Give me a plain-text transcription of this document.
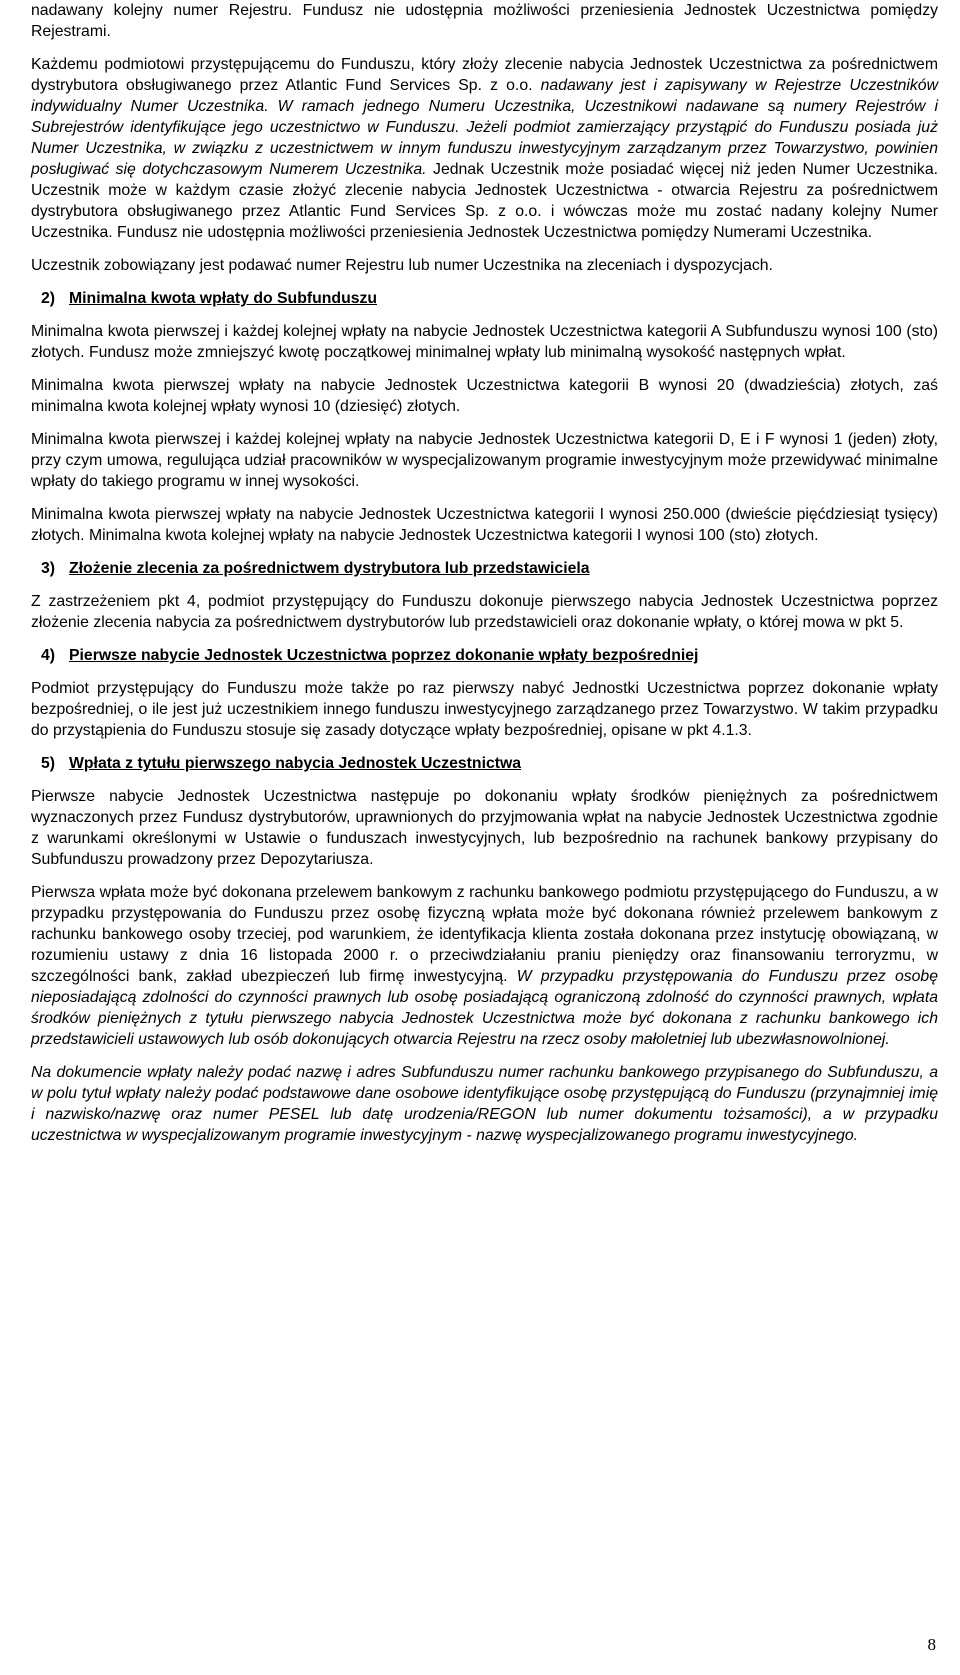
nadawany kolejny numer Rejestru. Fundusz nie udostępnia możliwości przeniesienia Jednostek Uczestnictwa pomiędzy Rejestrami.

Każdemu podmiotowi przystępującemu do Funduszu, który złoży zlecenie nabycia Jednostek Uczestnictwa za pośrednictwem dystrybutora obsługiwanego przez Atlantic Fund Services Sp. z o.o. nadawany jest i zapisywany w Rejestrze Uczestników indywidualny Numer Uczestnika. W ramach jednego Numeru Uczestnika, Uczestnikowi nadawane są numery Rejestrów i Subrejestrów identyfikujące jego uczestnictwo w Funduszu. Jeżeli podmiot zamierzający przystąpić do Funduszu posiada już Numer Uczestnika, w związku z uczestnictwem w innym funduszu inwestycyjnym zarządzanym przez Towarzystwo, powinien posługiwać się dotychczasowym Numerem Uczestnika. Jednak Uczestnik może posiadać więcej niż jeden Numer Uczestnika. Uczestnik może w każdym czasie złożyć zlecenie nabycia Jednostek Uczestnictwa - otwarcia Rejestru za pośrednictwem dystrybutora obsługiwanego przez Atlantic Fund Services Sp. z o.o. i wówczas może mu zostać nadany kolejny Numer Uczestnika. Fundusz nie udostępnia możliwości przeniesienia Jednostek Uczestnictwa pomiędzy Numerami Uczestnika.

Uczestnik zobowiązany jest podawać numer Rejestru lub numer Uczestnika na zleceniach i dyspozycjach.

2) Minimalna kwota wpłaty do Subfunduszu

Minimalna kwota pierwszej i każdej kolejnej wpłaty na nabycie Jednostek Uczestnictwa kategorii A Subfunduszu wynosi 100 (sto) złotych. Fundusz może zmniejszyć kwotę początkowej minimalnej wpłaty lub minimalną wysokość następnych wpłat.

Minimalna kwota pierwszej wpłaty na nabycie Jednostek Uczestnictwa kategorii B wynosi 20 (dwadzieścia) złotych, zaś minimalna kwota kolejnej wpłaty wynosi 10 (dziesięć) złotych.

Minimalna kwota pierwszej i każdej kolejnej wpłaty na nabycie Jednostek Uczestnictwa kategorii D, E i F wynosi 1 (jeden) złoty, przy czym umowa, regulująca udział pracowników w wyspecjalizowanym programie inwestycyjnym może przewidywać minimalne wpłaty do takiego programu w innej wysokości.

Minimalna kwota pierwszej wpłaty na nabycie Jednostek Uczestnictwa kategorii I wynosi 250.000 (dwieście pięćdziesiąt tysięcy) złotych. Minimalna kwota kolejnej wpłaty na nabycie Jednostek Uczestnictwa kategorii I wynosi 100 (sto) złotych.

3) Złożenie zlecenia za pośrednictwem dystrybutora lub przedstawiciela

Z zastrzeżeniem pkt 4, podmiot przystępujący do Funduszu dokonuje pierwszego nabycia Jednostek Uczestnictwa poprzez złożenie zlecenia nabycia za pośrednictwem dystrybutorów lub przedstawicieli oraz dokonanie wpłaty, o której mowa w pkt 5.

4) Pierwsze nabycie Jednostek Uczestnictwa poprzez dokonanie wpłaty bezpośredniej

Podmiot przystępujący do Funduszu może także po raz pierwszy nabyć Jednostki Uczestnictwa poprzez dokonanie wpłaty bezpośredniej, o ile jest już uczestnikiem innego funduszu inwestycyjnego zarządzanego przez Towarzystwo. W takim przypadku do przystąpienia do Funduszu stosuje się zasady dotyczące wpłaty bezpośredniej, opisane w pkt 4.1.3.

5) Wpłata z tytułu pierwszego nabycia Jednostek Uczestnictwa

Pierwsze nabycie Jednostek Uczestnictwa następuje po dokonaniu wpłaty środków pieniężnych za pośrednictwem wyznaczonych przez Fundusz dystrybutorów, uprawnionych do przyjmowania wpłat na nabycie Jednostek Uczestnictwa zgodnie z warunkami określonymi w Ustawie o funduszach inwestycyjnych, lub bezpośrednio na rachunek bankowy przypisany do Subfunduszu prowadzony przez Depozytariusza.

Pierwsza wpłata może być dokonana przelewem bankowym z rachunku bankowego podmiotu przystępującego do Funduszu, a w przypadku przystępowania do Funduszu przez osobę fizyczną wpłata może być dokonana również przelewem bankowym z rachunku bankowego osoby trzeciej, pod warunkiem, że identyfikacja klienta została dokonana przez instytucję obowiązaną, w rozumieniu ustawy z dnia 16 listopada 2000 r. o przeciwdziałaniu praniu pieniędzy oraz finansowaniu terroryzmu, w szczególności bank, zakład ubezpieczeń lub firmę inwestycyjną. W przypadku przystępowania do Funduszu przez osobę nieposiadającą zdolności do czynności prawnych lub osobę posiadającą ograniczoną zdolność do czynności prawnych, wpłata środków pieniężnych z tytułu pierwszego nabycia Jednostek Uczestnictwa może być dokonana z rachunku bankowego ich przedstawicieli ustawowych lub osób dokonujących otwarcia Rejestru na rzecz osoby małoletniej lub ubezwłasnowolnionej.

Na dokumencie wpłaty należy podać nazwę i adres Subfunduszu numer rachunku bankowego przypisanego do Subfunduszu, a w polu tytuł wpłaty należy podać podstawowe dane osobowe identyfikujące osobę przystępującą do Funduszu (przynajmniej imię i nazwisko/nazwę oraz numer PESEL lub datę urodzenia/REGON lub numer dokumentu tożsamości), a w przypadku uczestnictwa w wyspecjalizowanym programie inwestycyjnym - nazwę wyspecjalizowanego programu inwestycyjnego.

8
